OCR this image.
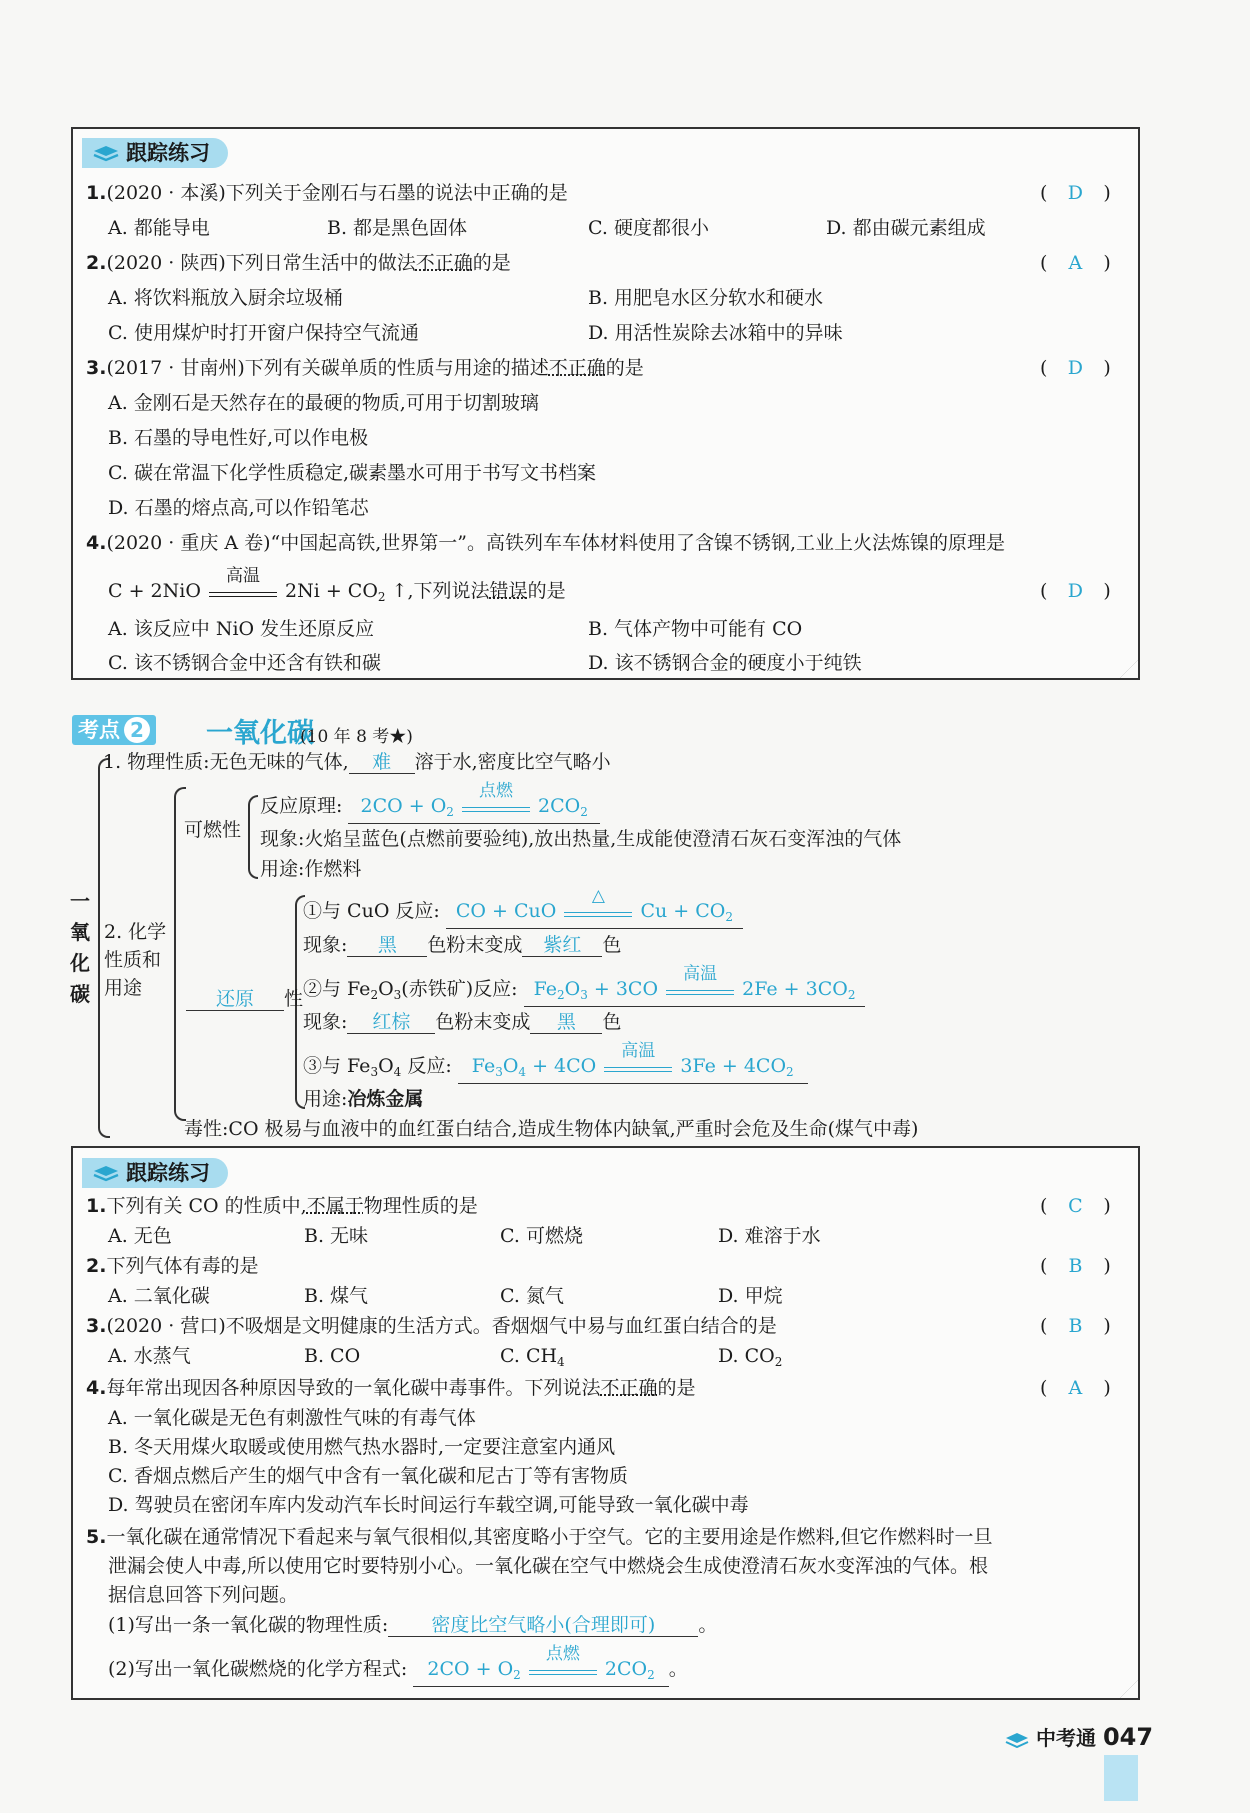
跟踪练习
1.(2020 · 本溪)下列关于金刚石与石墨的说法中正确的是	( D )
A. 都能导电	B. 都是黑色固体	C. 硬度都很小	D. 都由碳元素组成
2.(2020 · 陕西)下列日常生活中的做法不正确的是	( A )
A. 将饮料瓶放入厨余垃圾桶	B. 用肥皂水区分软水和硬水
C. 使用煤炉时打开窗户保持空气流通	D. 用活性炭除去冰箱中的异味
3.(2017 · 甘南州)下列有关碳单质的性质与用途的描述不正确的是	( D )
A. 金刚石是天然存在的最硬的物质,可用于切割玻璃
B. 石墨的导电性好,可以作电极
C. 碳在常温下化学性质稳定,碳素墨水可用于书写文书档案
D. 石墨的熔点高,可以作铅笔芯
4.(2020 · 重庆 A 卷)“中国起高铁,世界第一”。高铁列车车体材料使用了含镍不锈钢,工业上火法炼镍的原理是
C + 2NiO
高温
$2Ni + CO_2$ ↑,下列说法错误的是	( D )
A. 该反应中 NiO 发生还原反应	B. 气体产物中可能有 CO
C. 该不锈钢合金中还含有铁和碳	D. 该不锈钢合金的硬度小于纯铁
考点 2	一氧化碳
(10 年 8 考★)
一
氧
化
碳
1. 物理性质:无色无味的气体, 难 溶于水,密度比空气略小
2. 化学
性质和
用途
可燃性
反应原理: $2CO + O_2$
点燃
$2CO_2$
现象:火焰呈蓝色(点燃前要验纯),放出热量,生成能使澄清石灰石变浑浊的气体
用途:作燃料
还原 性
①与 CuO 反应: CO + CuO
△
$Cu + CO_2$
现象: 黑 色粉末变成 紫红 色
②与 $Fe_2O_3$(赤铁矿)反应: $Fe_2O_3 + 3CO$
高温
$2Fe + 3CO_2$
现象: 红棕 色粉末变成 黑 色
③与 $Fe_3O_4$ 反应: $Fe_3O_4 + 4CO$
高温
$3Fe + 4CO_2$
用途:冶炼金属
毒性:CO 极易与血液中的血红蛋白结合,造成生物体内缺氧,严重时会危及生命(煤气中毒)
跟踪练习
1.下列有关 CO 的性质中,不属于物理性质的是	( C )
A. 无色	B. 无味	C. 可燃烧	D. 难溶于水
2.下列气体有毒的是	( B )
A. 二氧化碳	B. 煤气	C. 氮气	D. 甲烷
3.(2020 · 营口)不吸烟是文明健康的生活方式。香烟烟气中易与血红蛋白结合的是	( B )
A. 水蒸气	B. CO	C. $CH_4$	D. $CO_2$
4.每年常出现因各种原因导致的一氧化碳中毒事件。下列说法不正确的是	( A )
A. 一氧化碳是无色有刺激性气味的有毒气体
B. 冬天用煤火取暖或使用燃气热水器时,一定要注意室内通风
C. 香烟点燃后产生的烟气中含有一氧化碳和尼古丁等有害物质
D. 驾驶员在密闭车库内发动汽车长时间运行车载空调,可能导致一氧化碳中毒
5.一氧化碳在通常情况下看起来与氧气很相似,其密度略小于空气。它的主要用途是作燃料,但它作燃料时一旦
泄漏会使人中毒,所以使用它时要特别小心。一氧化碳在空气中燃烧会生成使澄清石灰水变浑浊的气体。根
据信息回答下列问题。
(1)写出一条一氧化碳的物理性质: 密度比空气略小(合理即可) 。
(2)写出一氧化碳燃烧的化学方程式: $2CO + O_2$
点燃
$2CO_2$ 。
中考通 047
